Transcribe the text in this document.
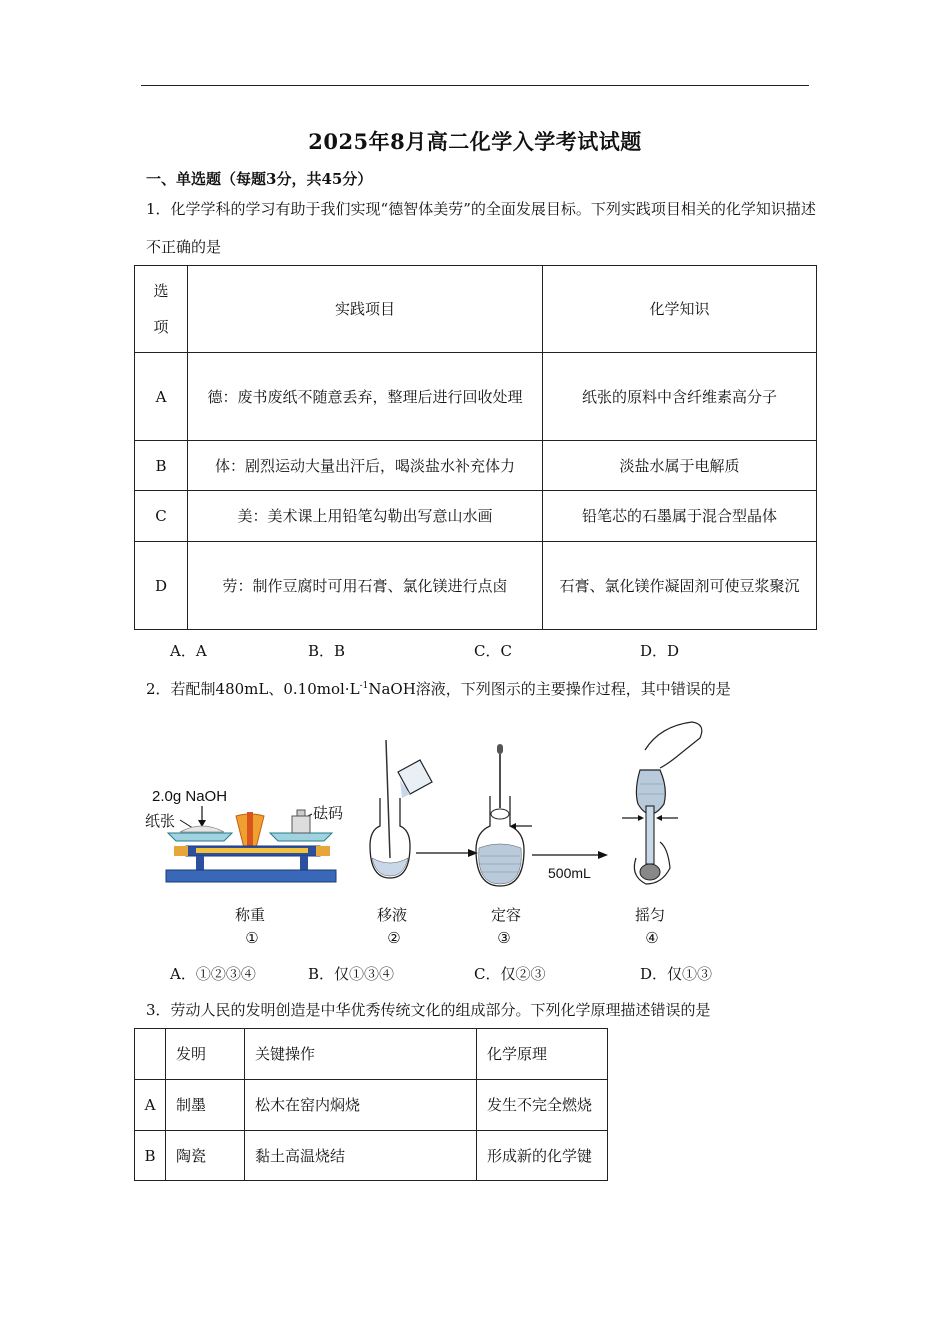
2025年8月高二化学入学考试试题
一、单选题（每题3分，共45分）
1．化学学科的学习有助于我们实现“德智体美劳”的全面发展目标。下列实践项目相关的化学知识描述不正确的是
选
项	实践项目	化学知识
A	德：废书废纸不随意丢弃，整理后进行回收处理	纸张的原料中含纤维素高分子
B	体：剧烈运动大量出汗后，喝淡盐水补充体力	淡盐水属于电解质
C	美：美术课上用铅笔勾勒出写意山水画	铅笔芯的石墨属于混合型晶体
D	劳：制作豆腐时可用石膏、氯化镁进行点卤	石膏、氯化镁作凝固剂可使豆浆聚沉
A．A	B．B	C．C	D．D
2．若配制480mL、$0.10mol\cdot L^{-1}NaOH$溶液，下列图示的主要操作过程，其中错误的是
2.0g NaOH
纸张	砝码
500mL
称重
①
移液
②
定容
③
摇匀
④
A．①②③④	B．仅①③④	C．仅②③	D．仅①③
3．劳动人民的发明创造是中华优秀传统文化的组成部分。下列化学原理描述错误的是
	发明	关键操作	化学原理
A	制墨	松木在窑内焖烧	发生不完全燃烧
B	陶瓷	黏土高温烧结	形成新的化学键
